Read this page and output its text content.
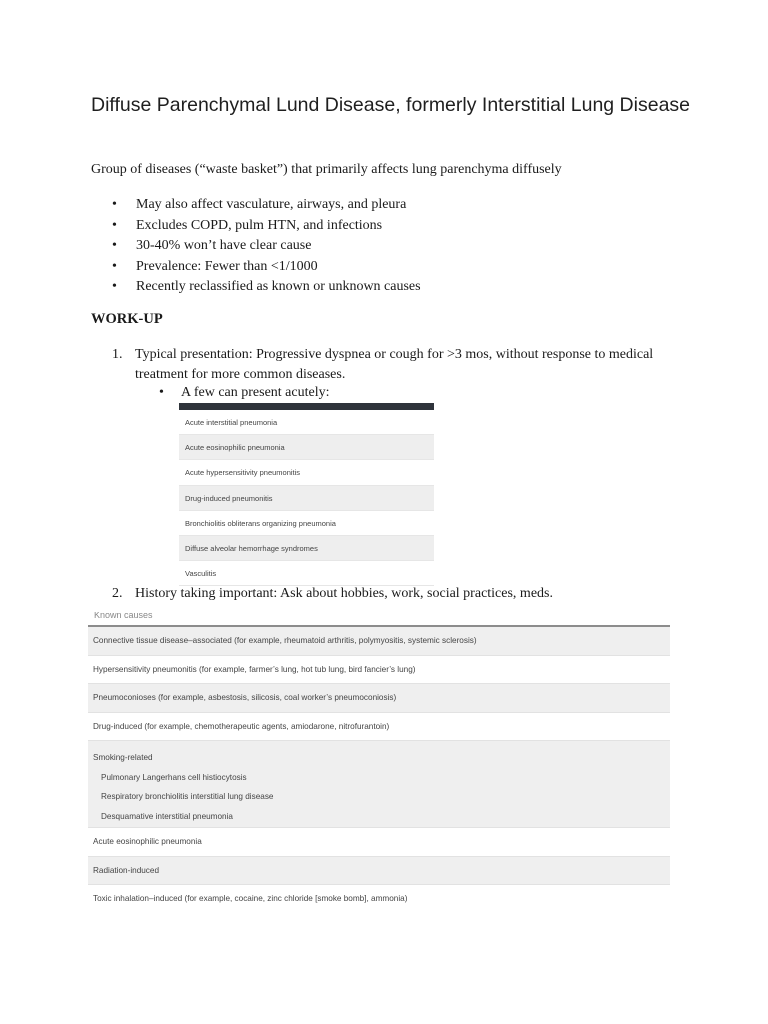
Diffuse Parenchymal Lund Disease, formerly Interstitial Lung Disease

Group of diseases (“waste basket”) that primarily affects lung parenchyma diffusely

• May also affect vasculature, airways, and pleura
• Excludes COPD, pulm HTN, and infections
• 30-40% won’t have clear cause
• Prevalence: Fewer than <1/1000
• Recently reclassified as known or unknown causes
WORK-UP
1. Typical presentation: Progressive dyspnea or cough for >3 mos, without response to medical treatment for more common diseases.
• A few can present acutely:
Acute interstitial pneumonia
Acute eosinophilic pneumonia
Acute hypersensitivity pneumonitis
Drug-induced pneumonitis
Bronchiolitis obliterans organizing pneumonia
Diffuse alveolar hemorrhage syndromes
Vasculitis
2. History taking important: Ask about hobbies, work, social practices, meds.
Known causes
Connective tissue disease–associated (for example, rheumatoid arthritis, polymyositis, systemic sclerosis)
Hypersensitivity pneumonitis (for example, farmer’s lung, hot tub lung, bird fancier’s lung)
Pneumoconioses (for example, asbestosis, silicosis, coal worker’s pneumoconiosis)
Drug-induced (for example, chemotherapeutic agents, amiodarone, nitrofurantoin)
Smoking-related
Pulmonary Langerhans cell histiocytosis
Respiratory bronchiolitis interstitial lung disease
Desquamative interstitial pneumonia
Acute eosinophilic pneumonia
Radiation-induced
Toxic inhalation–induced (for example, cocaine, zinc chloride [smoke bomb], ammonia)
